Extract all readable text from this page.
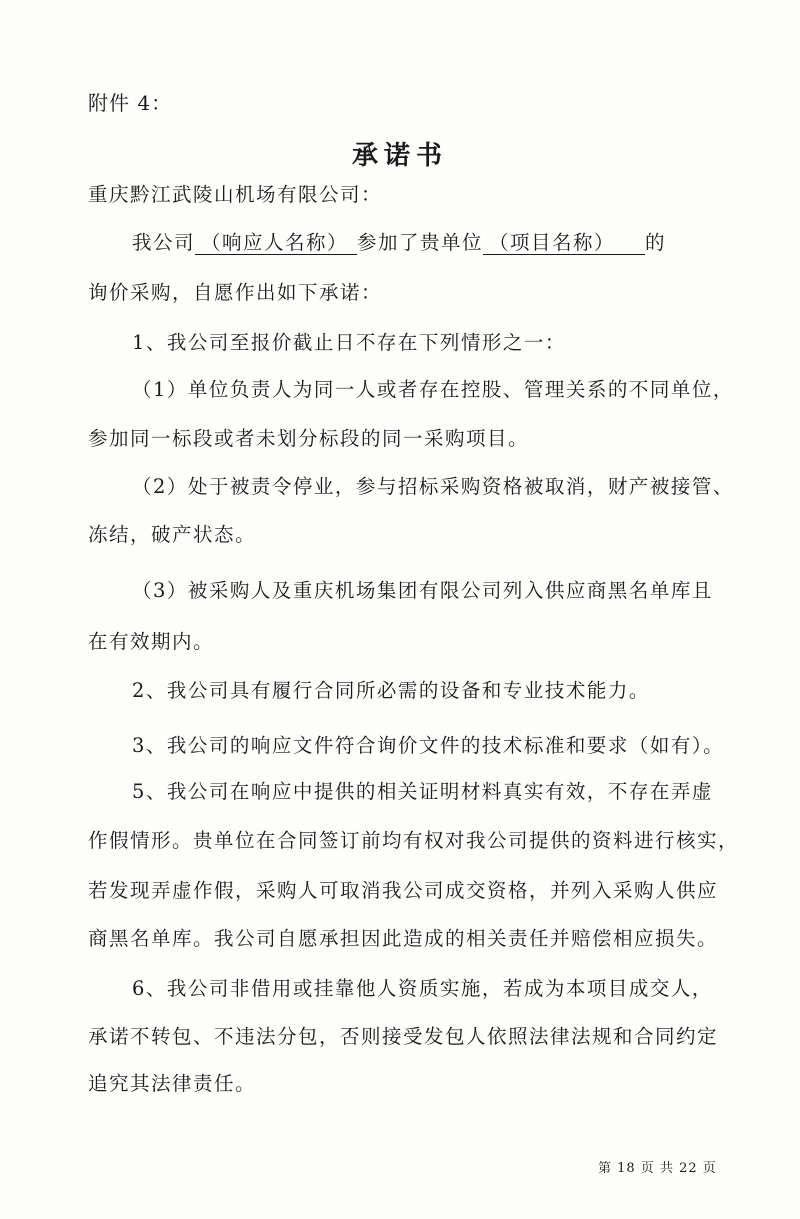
附件 4：
承诺书
重庆黔江武陵山机场有限公司：
我公司 （响应人名称） 参加了贵单位 （项目名称） 的
询价采购，自愿作出如下承诺：
1、我公司至报价截止日不存在下列情形之一：
（1）单位负责人为同一人或者存在控股、管理关系的不同单位，
参加同一标段或者未划分标段的同一采购项目。
（2）处于被责令停业，参与招标采购资格被取消，财产被接管、
冻结，破产状态。
（3）被采购人及重庆机场集团有限公司列入供应商黑名单库且
在有效期内。
2、我公司具有履行合同所必需的设备和专业技术能力。
3、我公司的响应文件符合询价文件的技术标准和要求（如有）。
5、我公司在响应中提供的相关证明材料真实有效，不存在弄虚
作假情形。贵单位在合同签订前均有权对我公司提供的资料进行核实，
若发现弄虚作假，采购人可取消我公司成交资格，并列入采购人供应
商黑名单库。我公司自愿承担因此造成的相关责任并赔偿相应损失。
6、我公司非借用或挂靠他人资质实施，若成为本项目成交人，
承诺不转包、不违法分包，否则接受发包人依照法律法规和合同约定
追究其法律责任。
第 18 页 共 22 页
